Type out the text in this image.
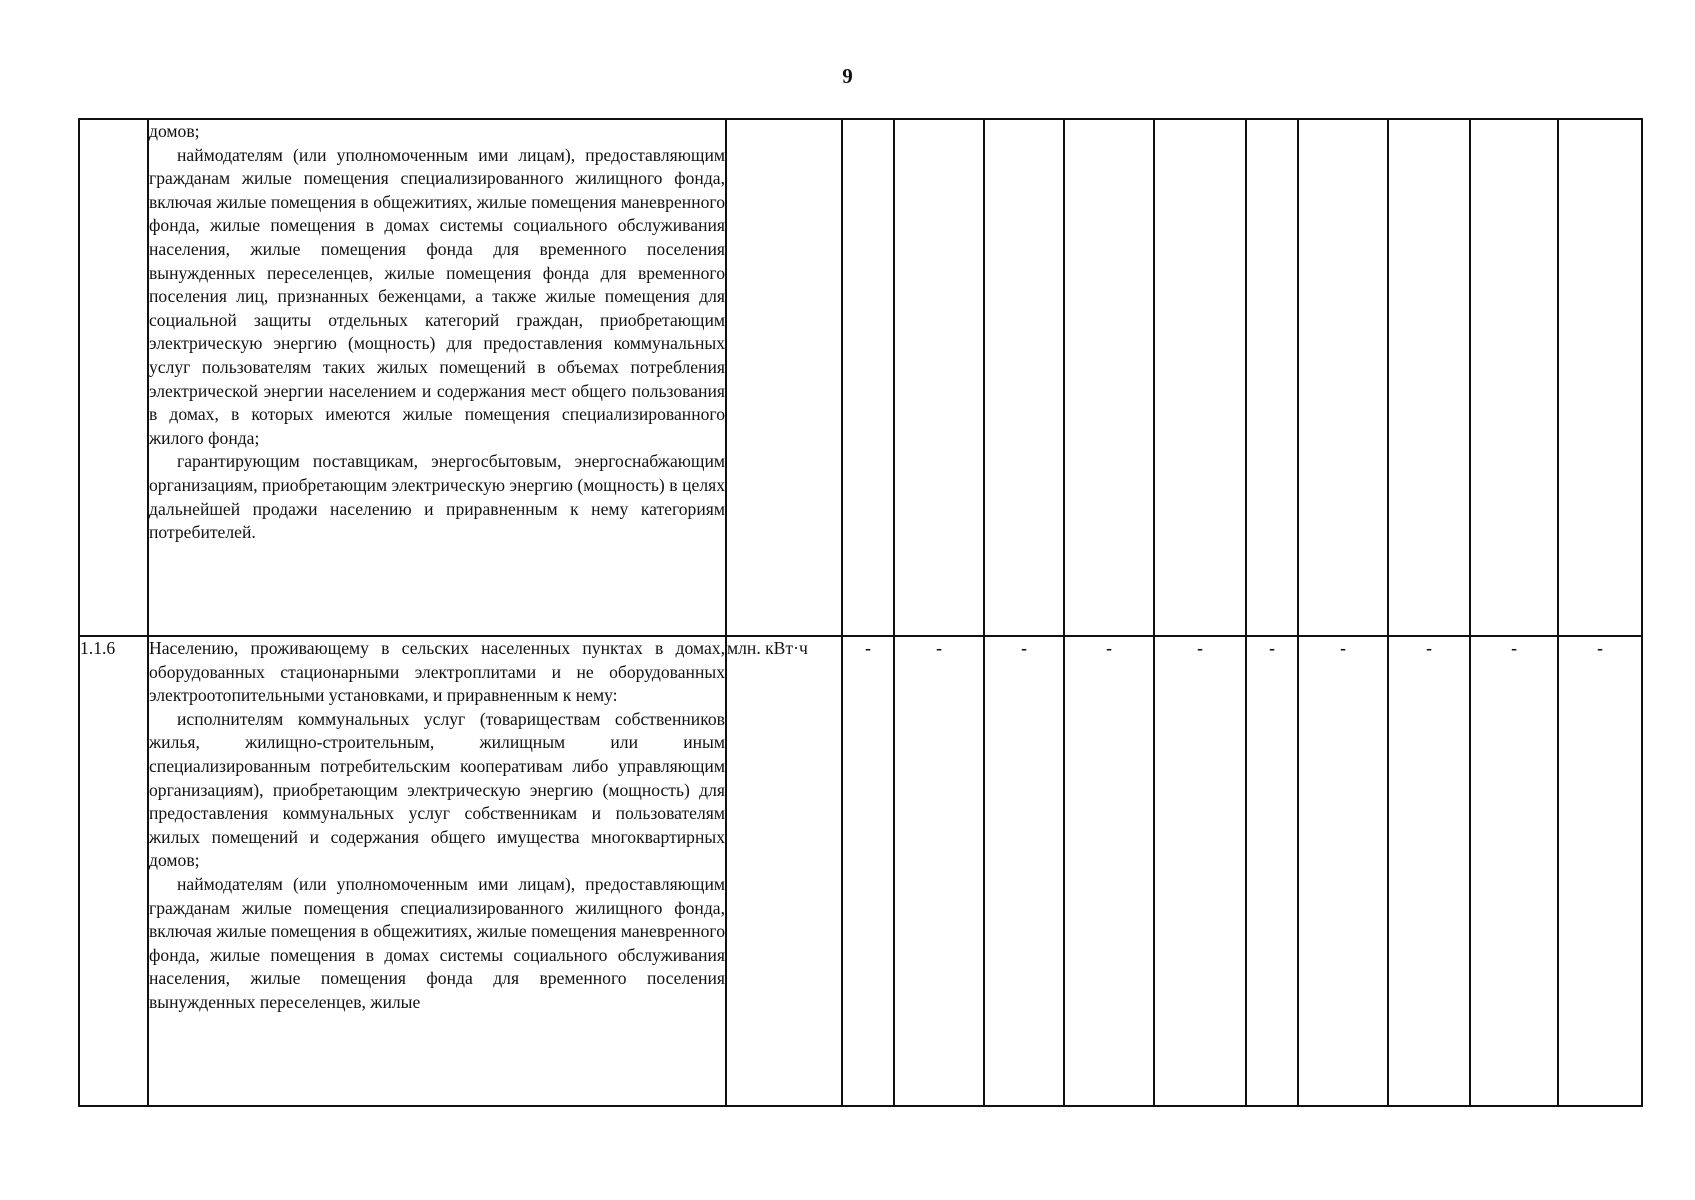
9

	домов;

наймодателям (или уполномоченным ими лицам), предоставляющим гражданам жилые помещения специализированного жилищного фонда, включая жилые помещения в общежитиях, жилые помещения маневренного фонда, жилые помещения в домах системы социального обслуживания населения, жилые помещения фонда для временного поселения вынужденных переселенцев, жилые помещения фонда для временного поселения лиц, признанных беженцами, а также жилые помещения для социальной защиты отдельных категорий граждан, приобретающим электрическую энергию (мощность) для предоставления коммунальных услуг пользователям таких жилых помещений в объемах потребления электрической энергии населением и содержания мест общего пользования в домах, в которых имеются жилые помещения специализированного жилого фонда;

гарантирующим поставщикам, энергосбытовым, энергоснабжающим организациям, приобретающим электрическую энергию (мощность) в целях дальнейшей продажи населению и приравненным к нему категориям потребителей.											

1.1.6	Населению, проживающему в сельских населенных пунктах в домах, оборудованных стационарными электроплитами и не оборудованных электроотопительными установками, и приравненным к нему:

исполнителям коммунальных услуг (товариществам собственников жилья, жилищно-строительным, жилищным или иным специализированным потребительским кооперативам либо управляющим организациям), приобретающим электрическую энергию (мощность) для предоставления коммунальных услуг собственникам и пользователям жилых помещений и содержания общего имущества многоквартирных домов;

наймодателям (или уполномоченным ими лицам), предоставляющим гражданам жилые помещения специализированного жилищного фонда, включая жилые помещения в общежитиях, жилые помещения маневренного фонда, жилые помещения в домах системы социального обслуживания населения, жилые помещения фонда для временного поселения вынужденных переселенцев, жилые	млн. кВт·ч	-	-	-	-	-	-	-	-	-	-
